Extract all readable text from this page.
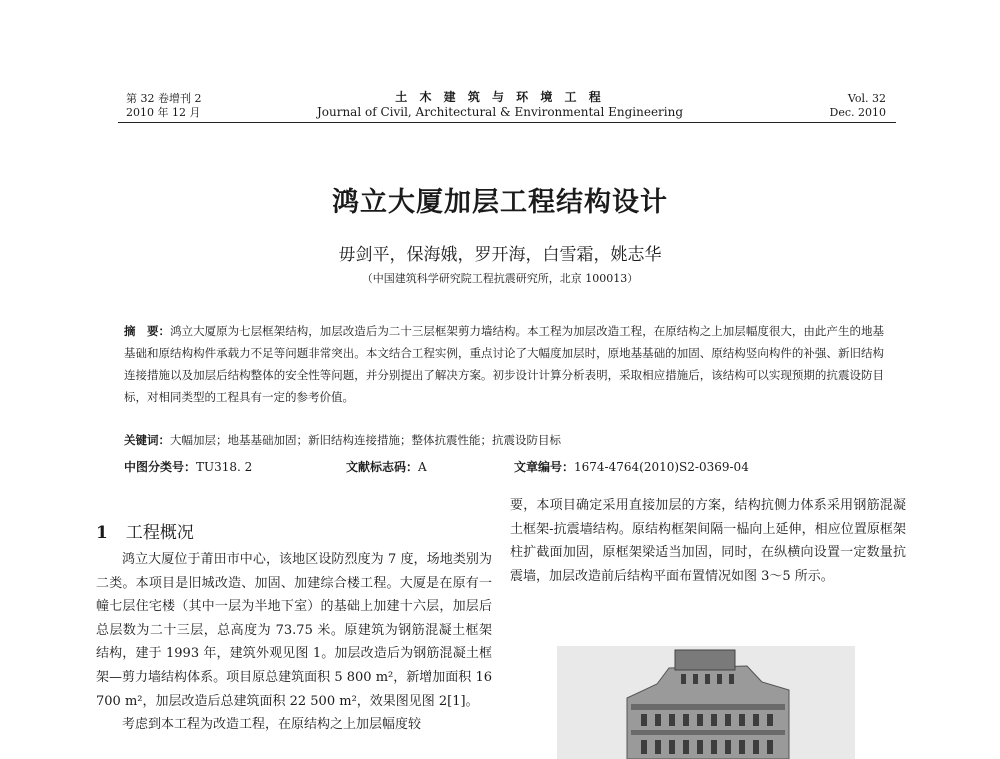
第 32 卷增刊 2
2010 年 12 月
土 木 建 筑 与 环 境 工 程
Journal of Civil, Architectural & Environmental Engineering
Vol. 32
Dec. 2010
鸿立大厦加层工程结构设计
毋剑平，保海娥，罗开海，白雪霜，姚志华
（中国建筑科学研究院工程抗震研究所，北京 100013）
摘　要：鸿立大厦原为七层框架结构，加层改造后为二十三层框架剪力墙结构。本工程为加层改造工程，在原结构之上加层幅度很大，由此产生的地基基础和原结构构件承载力不足等问题非常突出。本文结合工程实例，重点讨论了大幅度加层时，原地基基础的加固、原结构竖向构件的补强、新旧结构连接措施以及加层后结构整体的安全性等问题，并分别提出了解决方案。初步设计计算分析表明，采取相应措施后，该结构可以实现预期的抗震设防目标，对相同类型的工程具有一定的参考价值。
关键词：大幅加层；地基基础加固；新旧结构连接措施；整体抗震性能；抗震设防目标
中图分类号：TU318. 2	文献标志码：A	文章编号：1674-4764(2010)S2-0369-04
1 工程概况

鸿立大厦位于莆田市中心，该地区设防烈度为 7 度，场地类别为二类。本项目是旧城改造、加固、加建综合楼工程。大厦是在原有一幢七层住宅楼（其中一层为半地下室）的基础上加建十六层，加层后总层数为二十三层，总高度为 73.75 米。原建筑为钢筋混凝土框架结构，建于 1993 年，建筑外观见图 1。加层改造后为钢筋混凝土框架—剪力墙结构体系。项目原总建筑面积 5 800 m²，新增加面积 16 700 m²，加层改造后总建筑面积 22 500 m²，效果图见图 2[1]。

考虑到本工程为改造工程，在原结构之上加层幅度较

要，本项目确定采用直接加层的方案，结构抗侧力体系采用钢筋混凝土框架-抗震墙结构。原结构框架间隔一榀向上延伸，相应位置原框架柱扩截面加固，原框架梁适当加固，同时，在纵横向设置一定数量抗震墙，加层改造前后结构平面布置情况如图 3～5 所示。
